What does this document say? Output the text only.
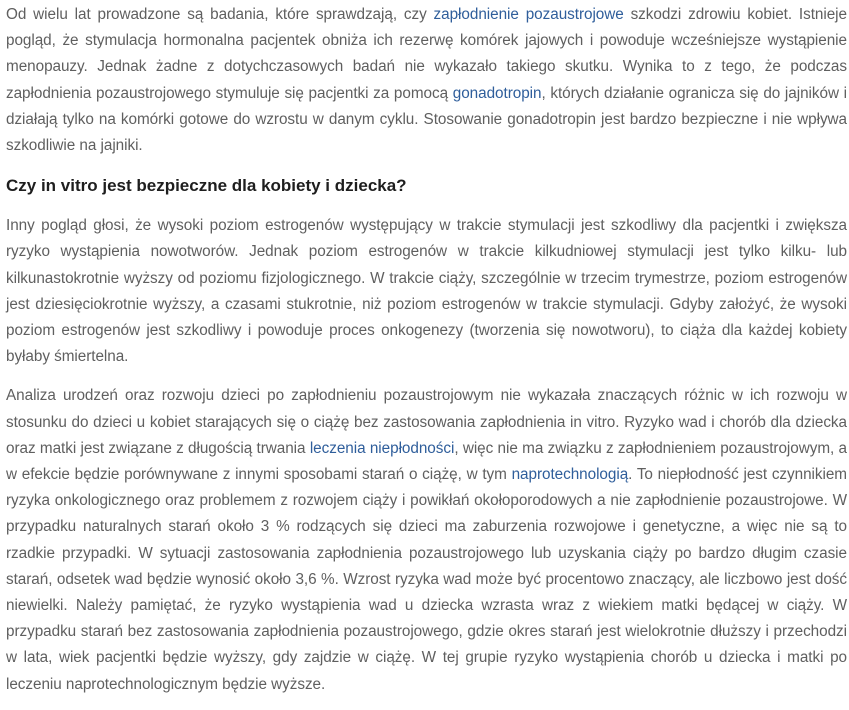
Od wielu lat prowadzone są badania, które sprawdzają, czy zapłodnienie pozaustrojowe szkodzi zdrowiu kobiet. Istnieje pogląd, że stymulacja hormonalna pacjentek obniża ich rezerwę komórek jajowych i powoduje wcześniejsze wystąpienie menopauzy. Jednak żadne z dotychczasowych badań nie wykazało takiego skutku. Wynika to z tego, że podczas zapłodnienia pozaustrojowego stymuluje się pacjentki za pomocą gonadotropin, których działanie ogranicza się do jajników i działają tylko na komórki gotowe do wzrostu w danym cyklu. Stosowanie gonadotropin jest bardzo bezpieczne i nie wpływa szkodliwie na jajniki.

Czy in vitro jest bezpieczne dla kobiety i dziecka?

Inny pogląd głosi, że wysoki poziom estrogenów występujący w trakcie stymulacji jest szkodliwy dla pacjentki i zwiększa ryzyko wystąpienia nowotworów. Jednak poziom estrogenów w trakcie kilkudniowej stymulacji jest tylko kilku- lub kilkunastokrotnie wyższy od poziomu fizjologicznego. W trakcie ciąży, szczególnie w trzecim trymestrze, poziom estrogenów jest dziesięciokrotnie wyższy, a czasami stukrotnie, niż poziom estrogenów w trakcie stymulacji. Gdyby założyć, że wysoki poziom estrogenów jest szkodliwy i powoduje proces onkogenezy (tworzenia się nowotworu), to ciąża dla każdej kobiety byłaby śmiertelna.

Analiza urodzeń oraz rozwoju dzieci po zapłodnieniu pozaustrojowym nie wykazała znaczących różnic w ich rozwoju w stosunku do dzieci u kobiet starających się o ciążę bez zastosowania zapłodnienia in vitro. Ryzyko wad i chorób dla dziecka oraz matki jest związane z długością trwania leczenia niepłodności, więc nie ma związku z zapłodnieniem pozaustrojowym, a w efekcie będzie porównywane z innymi sposobami starań o ciążę, w tym naprotechnologią. To niepłodność jest czynnikiem ryzyka onkologicznego oraz problemem z rozwojem ciąży i powikłań okołoporodowych a nie zapłodnienie pozaustrojowe. W przypadku naturalnych starań około 3 % rodzących się dzieci ma zaburzenia rozwojowe i genetyczne, a więc nie są to rzadkie przypadki. W sytuacji zastosowania zapłodnienia pozaustrojowego lub uzyskania ciąży po bardzo długim czasie starań, odsetek wad będzie wynosić około 3,6 %. Wzrost ryzyka wad może być procentowo znaczący, ale liczbowo jest dość niewielki. Należy pamiętać, że ryzyko wystąpienia wad u dziecka wzrasta wraz z wiekiem matki będącej w ciąży. W przypadku starań bez zastosowania zapłodnienia pozaustrojowego, gdzie okres starań jest wielokrotnie dłuższy i przechodzi w lata, wiek pacjentki będzie wyższy, gdy zajdzie w ciążę. W tej grupie ryzyko wystąpienia chorób u dziecka i matki po leczeniu naprotechnologicznym będzie wyższe.
